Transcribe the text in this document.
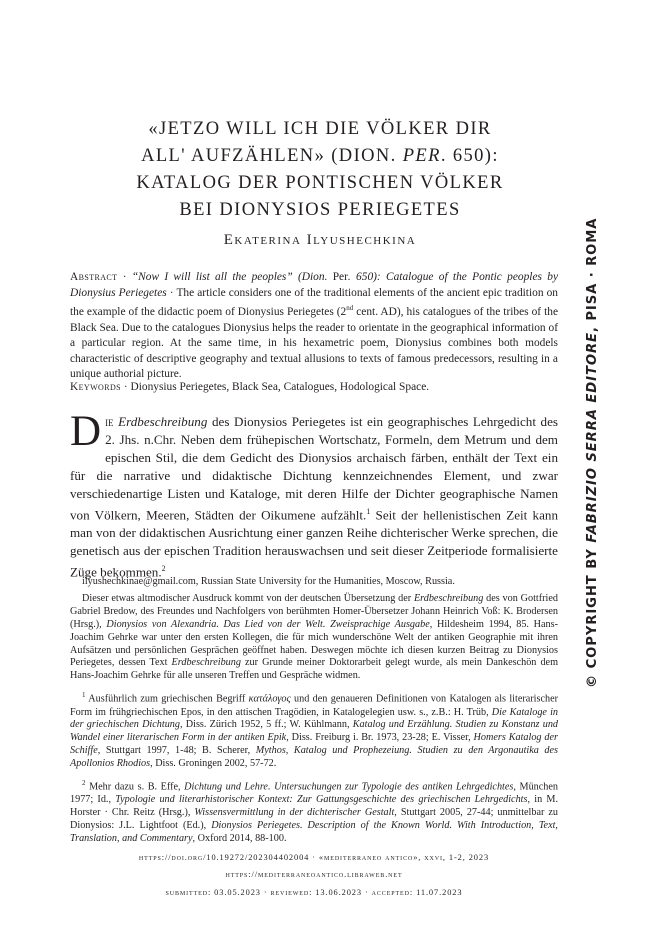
«JETZO WILL ICH DIE VÖLKER DIR
ALL' AUFZÄHLEN» (DION. PER. 650):
KATALOG DER PONTISCHEN VÖLKER
BEI DIONYSIOS PERIEGETES
Ekaterina Ilyushechkina
Abstract · “Now I will list all the peoples” (Dion. Per. 650): Catalogue of the Pontic peoples by Dionysius Periegetes · The article considers one of the traditional elements of the ancient epic tradition on the example of the didactic poem of Dionysius Periegetes (2nd cent. AD), his catalogues of the tribes of the Black Sea. Due to the catalogues Dionysius helps the reader to orientate in the geographical information of a particular region. At the same time, in his hexametric poem, Dionysius combines both models characteristic of descriptive geography and textual allusions to texts of famous predecessors, resulting in a unique authorial picture.
Keywords · Dionysius Periegetes, Black Sea, Catalogues, Hodological Space.
Die Erdbeschreibung des Dionysios Periegetes ist ein geographisches Lehrgedicht des 2. Jhs. n.Chr. Neben dem frühepischen Wortschatz, Formeln, dem Metrum und dem epischen Stil, die dem Gedicht des Dionysios archaisch färben, enthält der Text ein für die narrative und didaktische Dichtung kennzeichnendes Element, und zwar verschiedenartige Listen und Kataloge, mit deren Hilfe der Dichter geographische Namen von Völkern, Meeren, Städten der Oikumene aufzählt.$^1$ Seit der hellenistischen Zeit kann man von der didaktischen Ausrichtung einer ganzen Reihe dichterischer Werke sprechen, die genetisch aus der epischen Tradition herauswachsen und seit dieser Zeitperiode formalisierte Züge bekommen.$^2$

ilyushechkinae@gmail.com, Russian State University for the Humanities, Moscow, Russia.

Dieser etwas altmodischer Ausdruck kommt von der deutschen Übersetzung der Erdbeschreibung des von Gottfried Gabriel Bredow, des Freundes und Nachfolgers von berühmten Homer-Übersetzer Johann Heinrich Voß: K. Brodersen (Hrsg.), Dionysios von Alexandria. Das Lied von der Welt. Zweisprachige Ausgabe, Hildesheim 1994, 85. Hans-Joachim Gehrke war unter den ersten Kollegen, die für mich wunderschöne Welt der antiken Geographie mit ihren Aufsätzen und persönlichen Gesprächen geöffnet haben. Deswegen möchte ich diesen kurzen Beitrag zu Dionysios Periegetes, dessen Text Erdbeschreibung zur Grunde meiner Doktorarbeit gelegt wurde, als mein Dankeschön dem Hans-Joachim Gehrke für alle unseren Treffen und Gespräche widmen.

$^1$ Ausführlich zum griechischen Begriff κατάλογος und den genaueren Definitionen von Katalogen als literarischer Form im frühgriechischen Epos, in den attischen Tragödien, in Katalogelegien usw. s., z.B.: H. Trüb, Die Kataloge in der griechischen Dichtung, Diss. Zürich 1952, 5 ff.; W. Kühlmann, Katalog und Erzählung. Studien zu Konstanz und Wandel einer literarischen Form in der antiken Epik, Diss. Freiburg i. Br. 1973, 23-28; E. Visser, Homers Katalog der Schiffe, Stuttgart 1997, 1-48; B. Scherer, Mythos, Katalog und Prophezeiung. Studien zu den Argonautika des Apollonios Rhodios, Diss. Groningen 2002, 57-72.

$^2$ Mehr dazu s. B. Effe, Dichtung und Lehre. Untersuchungen zur Typologie des antiken Lehrgedichtes, München 1977; Id., Typologie und literarhistorischer Kontext: Zur Gattungsgeschichte des griechischen Lehrgedichts, in M. Horster · Chr. Reitz (Hrsg.), Wissensvermittlung in der dichterischer Gestalt, Stuttgart 2005, 27-44; unmittelbar zu Dionysios: J.L. Lightfoot (Ed.), Dionysios Periegetes. Description of the Known World. With Introduction, Text, Translation, and Commentary, Oxford 2014, 88-100.

https://doi.org/10.19272/202304402004 · «mediterraneo antico», xxvi, 1-2, 2023
https://mediterraneoantico.libraweb.net
submitted: 03.05.2023 · reviewed: 13.06.2023 · accepted: 11.07.2023
© COPYRIGHT BY FABRIZIO SERRA EDITORE, PISA · ROMA
